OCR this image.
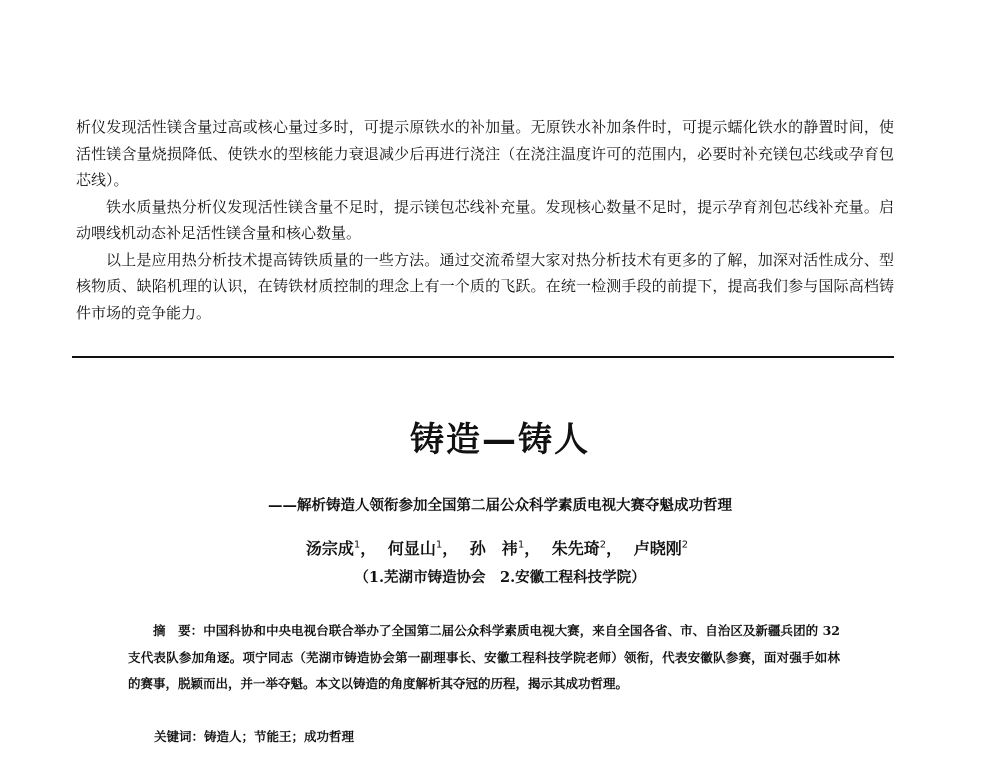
析仪发现活性镁含量过高或核心量过多时，可提示原铁水的补加量。无原铁水补加条件时，可提示蠕化铁水的静置时间，使活性镁含量烧损降低、使铁水的型核能力衰退减少后再进行浇注（在浇注温度许可的范围内，必要时补充镁包芯线或孕育包芯线）。

铁水质量热分析仪发现活性镁含量不足时，提示镁包芯线补充量。发现核心数量不足时，提示孕育剂包芯线补充量。启动喂线机动态补足活性镁含量和核心数量。

以上是应用热分析技术提高铸铁质量的一些方法。通过交流希望大家对热分析技术有更多的了解，加深对活性成分、型核物质、缺陷机理的认识，在铸铁材质控制的理念上有一个质的飞跃。在统一检测手段的前提下，提高我们参与国际高档铸件市场的竞争能力。

铸造—铸人
——解析铸造人领衔参加全国第二届公众科学素质电视大赛夺魁成功哲理
汤宗成$^1$， 何显山$^1$， 孙　祎$^1$， 朱先琦$^2$， 卢晓刚$^2$
（1.芜湖市铸造协会　2.安徽工程科技学院）

摘　要：中国科协和中央电视台联合举办了全国第二届公众科学素质电视大赛，来自全国各省、市、自治区及新疆兵团的 32 支代表队参加角逐。项宁同志（芜湖市铸造协会第一副理事长、安徽工程科技学院老师）领衔，代表安徽队参赛，面对强手如林的赛事，脱颖而出，并一举夺魁。本文以铸造的角度解析其夺冠的历程，揭示其成功哲理。

关键词：铸造人；节能王；成功哲理
